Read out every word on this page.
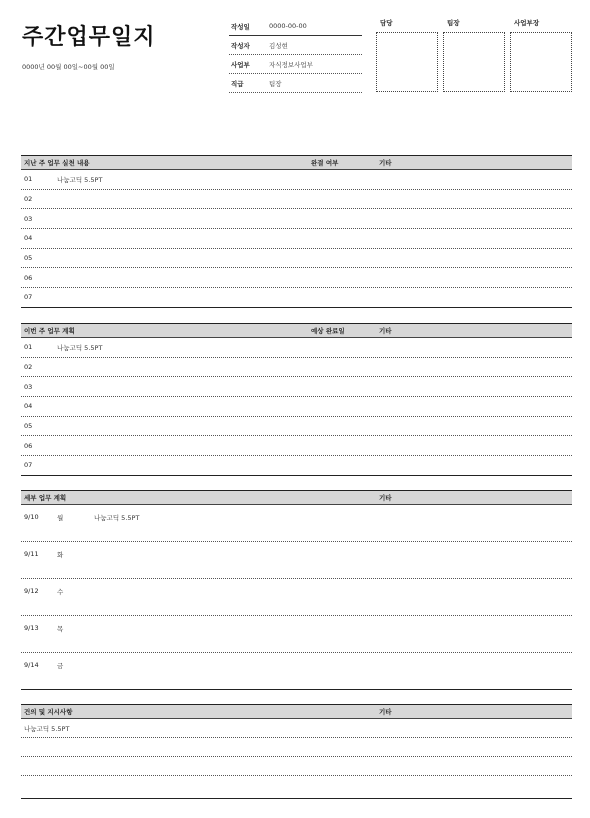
주간업무일지
0000년 00월 00일~00월 00일
작성일	0000-00-00
작성자	김성현
사업부	자식정보사업부
직급	팀장
담당	팀장	사업부장
지난 주 업무 실천 내용	완결 여부	기타
01	나눔고딕 5.5PT
02
03
04
05
06
07
이번 주 업무 계획	예상 완료일	기타
01	나눔고딕 5.5PT
02
03
04
05
06
07
세부 업무 계획	기타
9/10	월	나눔고딕 5.5PT
9/11	화
9/12	수
9/13	목
9/14	금
건의 및 지시사항	기타
나눔고딕 5.5PT
